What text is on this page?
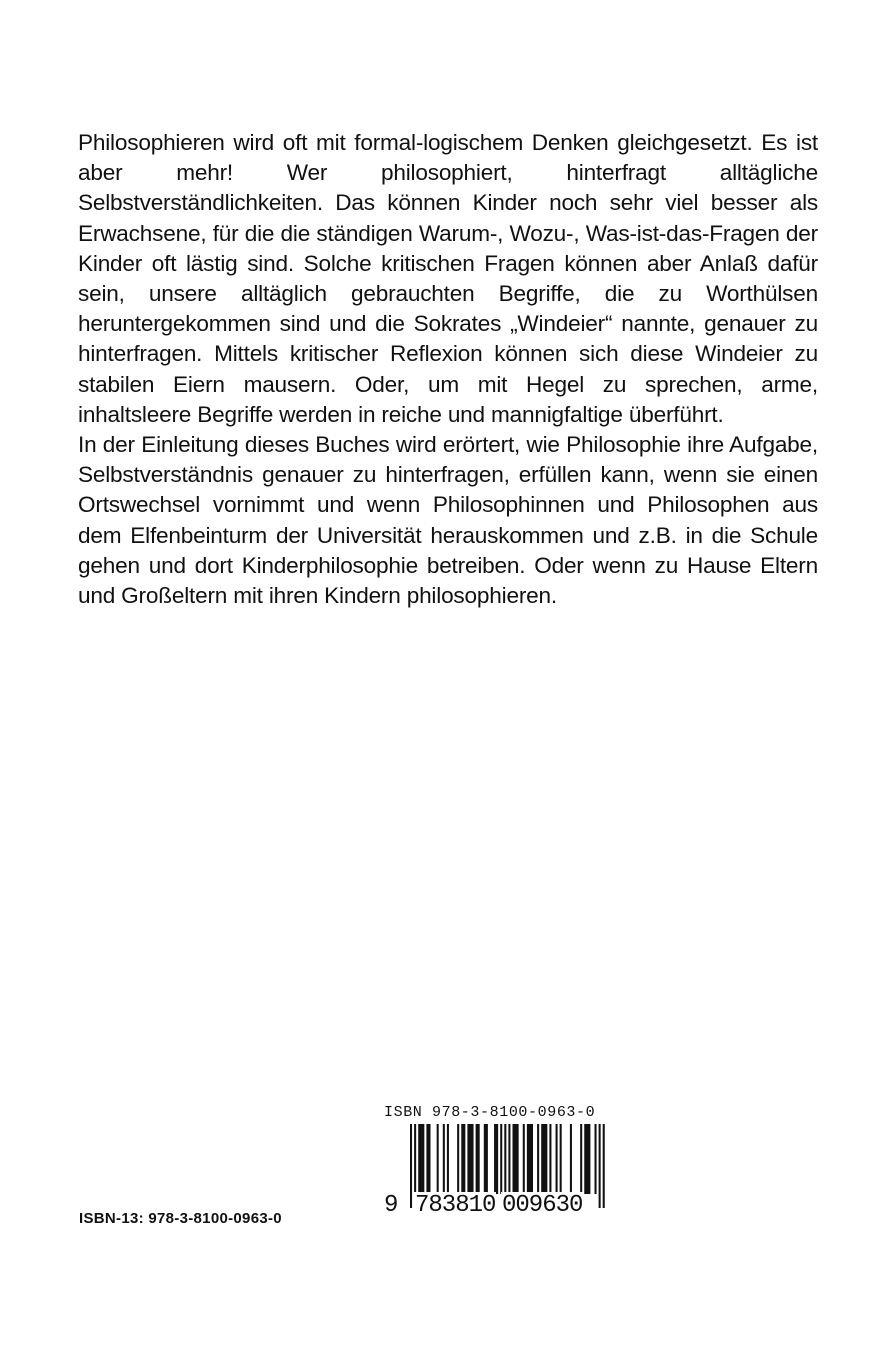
Philosophieren wird oft mit formal-logischem Denken gleichgesetzt. Es ist aber mehr! Wer philosophiert, hinterfragt alltägliche Selbstverständlichkeiten. Das können Kinder noch sehr viel besser als Erwachsene, für die die ständigen Warum-, Wozu-, Was-ist-das-Fragen der Kinder oft lästig sind. Solche kritischen Fragen können aber Anlaß dafür sein, unsere alltäglich gebrauchten Begriffe, die zu Worthülsen heruntergekommen sind und die Sokrates „Windeier“ nannte, genauer zu hinterfragen. Mittels kritischer Reflexion können sich diese Windeier zu stabilen Eiern mausern. Oder, um mit Hegel zu sprechen, arme, inhaltsleere Begriffe werden in reiche und mannigfaltige überführt.

In der Einleitung dieses Buches wird erörtert, wie Philosophie ihre Aufgabe, Selbstverständnis genauer zu hinterfragen, erfüllen kann, wenn sie einen Ortswechsel vornimmt und wenn Philosophinnen und Philosophen aus dem Elfenbeinturm der Universität herauskommen und z.B. in die Schule gehen und dort Kinderphilosophie betreiben. Oder wenn zu Hause Eltern und Großeltern mit ihren Kindern philosophieren.

ISBN-13: 978-3-8100-0963-0
ISBN 978-3-8100-0963-0
9 783810 009630
